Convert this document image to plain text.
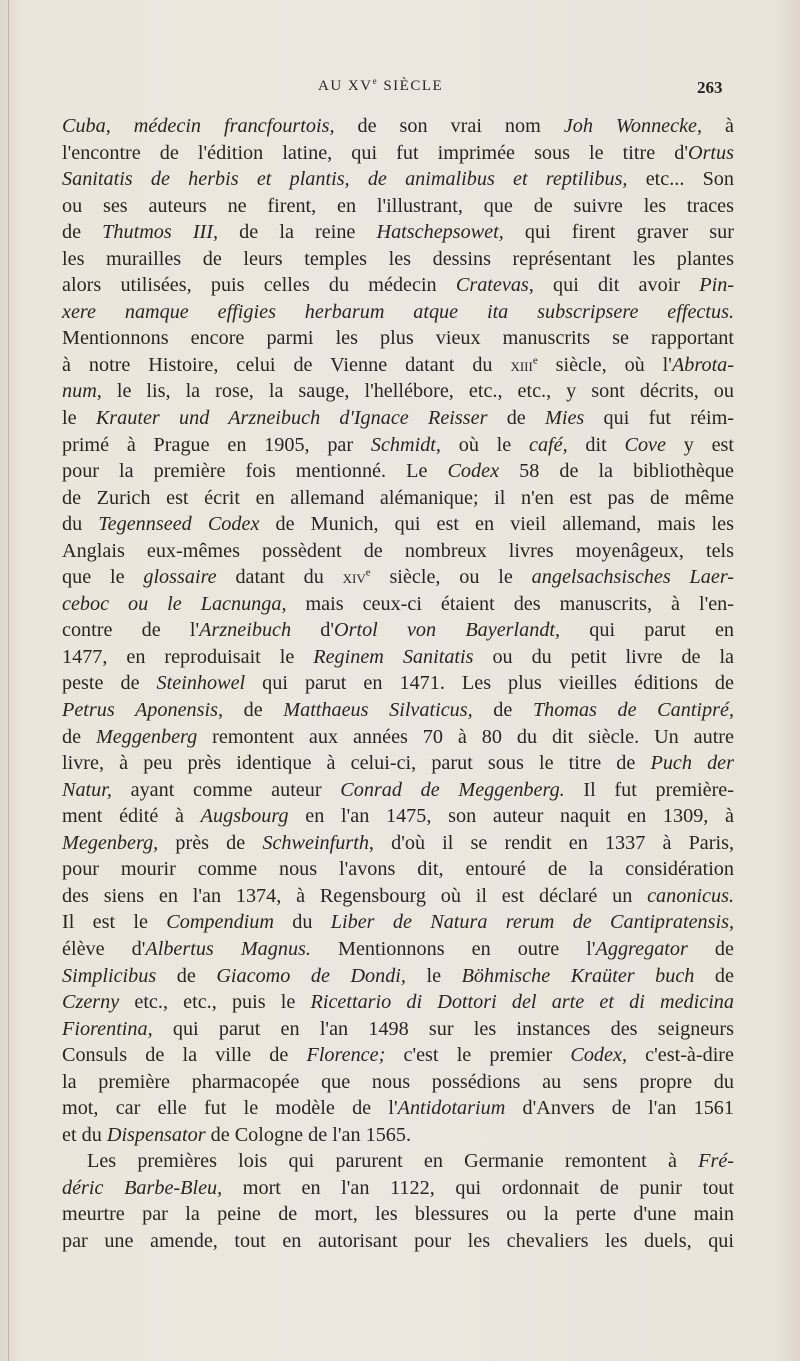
AU XVe SIÈCLE	263
Cuba, médecin francfourtois, de son vrai nom Joh Wonnecke, à
l'encontre de l'édition latine, qui fut imprimée sous le titre d'Ortus
Sanitatis de herbis et plantis, de animalibus et reptilibus, etc... Son
ou ses auteurs ne firent, en l'illustrant, que de suivre les traces
de Thutmos III, de la reine Hatschepsowet, qui firent graver sur
les murailles de leurs temples les dessins représentant les plantes
alors utilisées, puis celles du médecin Cratevas, qui dit avoir Pin-
xere namque effigies herbarum atque ita subscripsere effectus.
Mentionnons encore parmi les plus vieux manuscrits se rapportant
à notre Histoire, celui de Vienne datant du xiii$^e$ siècle, où l'Abrota-
num, le lis, la rose, la sauge, l'hellébore, etc., etc., y sont décrits, ou
le Krauter und Arzneibuch d'Ignace Reisser de Mies qui fut réim-
primé à Prague en 1905, par Schmidt, où le café, dit Cove y est
pour la première fois mentionné. Le Codex 58 de la bibliothèque
de Zurich est écrit en allemand alémanique; il n'en est pas de même
du Tegennseed Codex de Munich, qui est en vieil allemand, mais les
Anglais eux-mêmes possèdent de nombreux livres moyenâgeux, tels
que le glossaire datant du xiv$^e$ siècle, ou le angelsachsisches Laer-
ceboc ou le Lacnunga, mais ceux-ci étaient des manuscrits, à l'en-
contre de l'Arzneibuch d'Ortol von Bayerlandt, qui parut en
1477, en reproduisait le Reginem Sanitatis ou du petit livre de la
peste de Steinhowel qui parut en 1471. Les plus vieilles éditions de
Petrus Aponensis, de Matthaeus Silvaticus, de Thomas de Cantipré,
de Meggenberg remontent aux années 70 à 80 du dit siècle. Un autre
livre, à peu près identique à celui-ci, parut sous le titre de Puch der
Natur, ayant comme auteur Conrad de Meggenberg. Il fut première-
ment édité à Augsbourg en l'an 1475, son auteur naquit en 1309, à
Megenberg, près de Schweinfurth, d'où il se rendit en 1337 à Paris,
pour mourir comme nous l'avons dit, entouré de la considération
des siens en l'an 1374, à Regensbourg où il est déclaré un canonicus.
Il est le Compendium du Liber de Natura rerum de Cantipratensis,
élève d'Albertus Magnus. Mentionnons en outre l'Aggregator de
Simplicibus de Giacomo de Dondi, le Böhmische Kraüter buch de
Czerny etc., etc., puis le Ricettario di Dottori del arte et di medicina
Fiorentina, qui parut en l'an 1498 sur les instances des seigneurs
Consuls de la ville de Florence; c'est le premier Codex, c'est-à-dire
la première pharmacopée que nous possédions au sens propre du
mot, car elle fut le modèle de l'Antidotarium d'Anvers de l'an 1561
et du Dispensator de Cologne de l'an 1565.
Les premières lois qui parurent en Germanie remontent à Fré-
déric Barbe-Bleu, mort en l'an 1122, qui ordonnait de punir tout
meurtre par la peine de mort, les blessures ou la perte d'une main
par une amende, tout en autorisant pour les chevaliers les duels, qui
